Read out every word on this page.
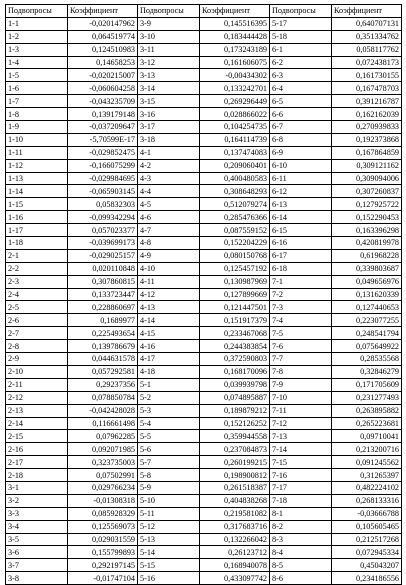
Подвопросы	Коэффициент	Подвопросы	Коэффициент	Подвопросы	Коэффициент
1-1	-0,020147962	3-9	0,145516395	5-17	0,640707131
1-2	0,064519774	3-10	0,183444428	5-18	0,351334762
1-3	0,124510983	3-11	0,173243189	6-1	0,058117762
1-4	0,14658253	3-12	0,161606075	6-2	0,072438173
1-5	-0,020215007	3-13	-0,00434302	6-3	0,161730155
1-6	-0,060604258	3-14	0,133242701	6-4	0,167478703
1-7	-0,043235709	3-15	0,269296449	6-5	0,391216787
1-8	0,139179148	3-16	0,028866022	6-6	0,162162039
1-9	-0,037209647	3-17	0,104254735	6-7	0,270939833
1-10	-5,70599E-17	3-18	0,164114739	6-8	0,192373868
1-11	-0,029852475	4-1	0,137474083	6-9	0,167864859
1-12	-0,166075299	4-2	0,209060401	6-10	0,309121162
1-13	-0,029984695	4-3	0,400480583	6-11	0,309094006
1-14	-0,065903145	4-4	0,308648293	6-12	0,307260837
1-15	0,05832303	4-5	0,512079274	6-13	0,127925722
1-16	-0,099342294	4-6	0,285476366	6-14	0,152290453
1-17	0,057023377	4-7	0,087559152	6-15	0,163396298
1-18	-0,039699173	4-8	0,152204229	6-16	0,420819978
2-1	-0,029025157	4-9	0,080150768	6-17	0,61968228
2-2	0,020110848	4-10	0,125457192	6-18	0,339803687
2-3	0,307860815	4-11	0,130987969	7-1	0,049656976
2-4	0,133723447	4-12	0,127899669	7-2	0,131620339
2-5	0,228860697	4-13	0,121447501	7-3	0,127440653
2-6	0,1689977	4-14	0,151917379	7-4	0,223077255
2-7	0,225493654	4-15	0,233467068	7-5	0,248541794
2-8	0,139786679	4-16	0,244383854	7-6	0,075649922
2-9	0,044631578	4-17	0,372590803	7-7	0,28535568
2-10	0,057292581	4-18	0,168170096	7-8	0,32846279
2-11	0,29237356	5-1	0,039939798	7-9	0,171705609
2-12	0,078850784	5-2	0,074895887	7-10	0,231277493
2-13	-0,042428028	5-3	0,189879212	7-11	0,263895882
2-14	0,116661498	5-4	0,152126252	7-12	0,265223681
2-15	0,07962285	5-5	0,359944558	7-13	0,09710041
2-16	0,092071985	5-6	0,237084873	7-14	0,213200716
2-17	0,323735003	5-7	0,260199215	7-15	0,091245562
2-18	0,07502991	5-8	0,198900812	7-16	0,31265397
3-1	0,029766234	5-9	0,261518387	7-17	0,482224102
3-2	-0,01308318	5-10	0,404838268	7-18	0,268133316
3-3	0,085928329	5-11	0,219581082	8-1	-0,03666788
3-4	0,125569073	5-12	0,317683716	8-2	0,105605465
3-5	0,029031559	5-13	0,132266042	8-3	0,212517268
3-6	0,155799893	5-14	0,26123712	8-4	0,072945334
3-7	0,292197145	5-15	0,168940078	8-5	0,45043207
3-8	-0,01747104	5-16	0,433097742	8-6	0,234186556
